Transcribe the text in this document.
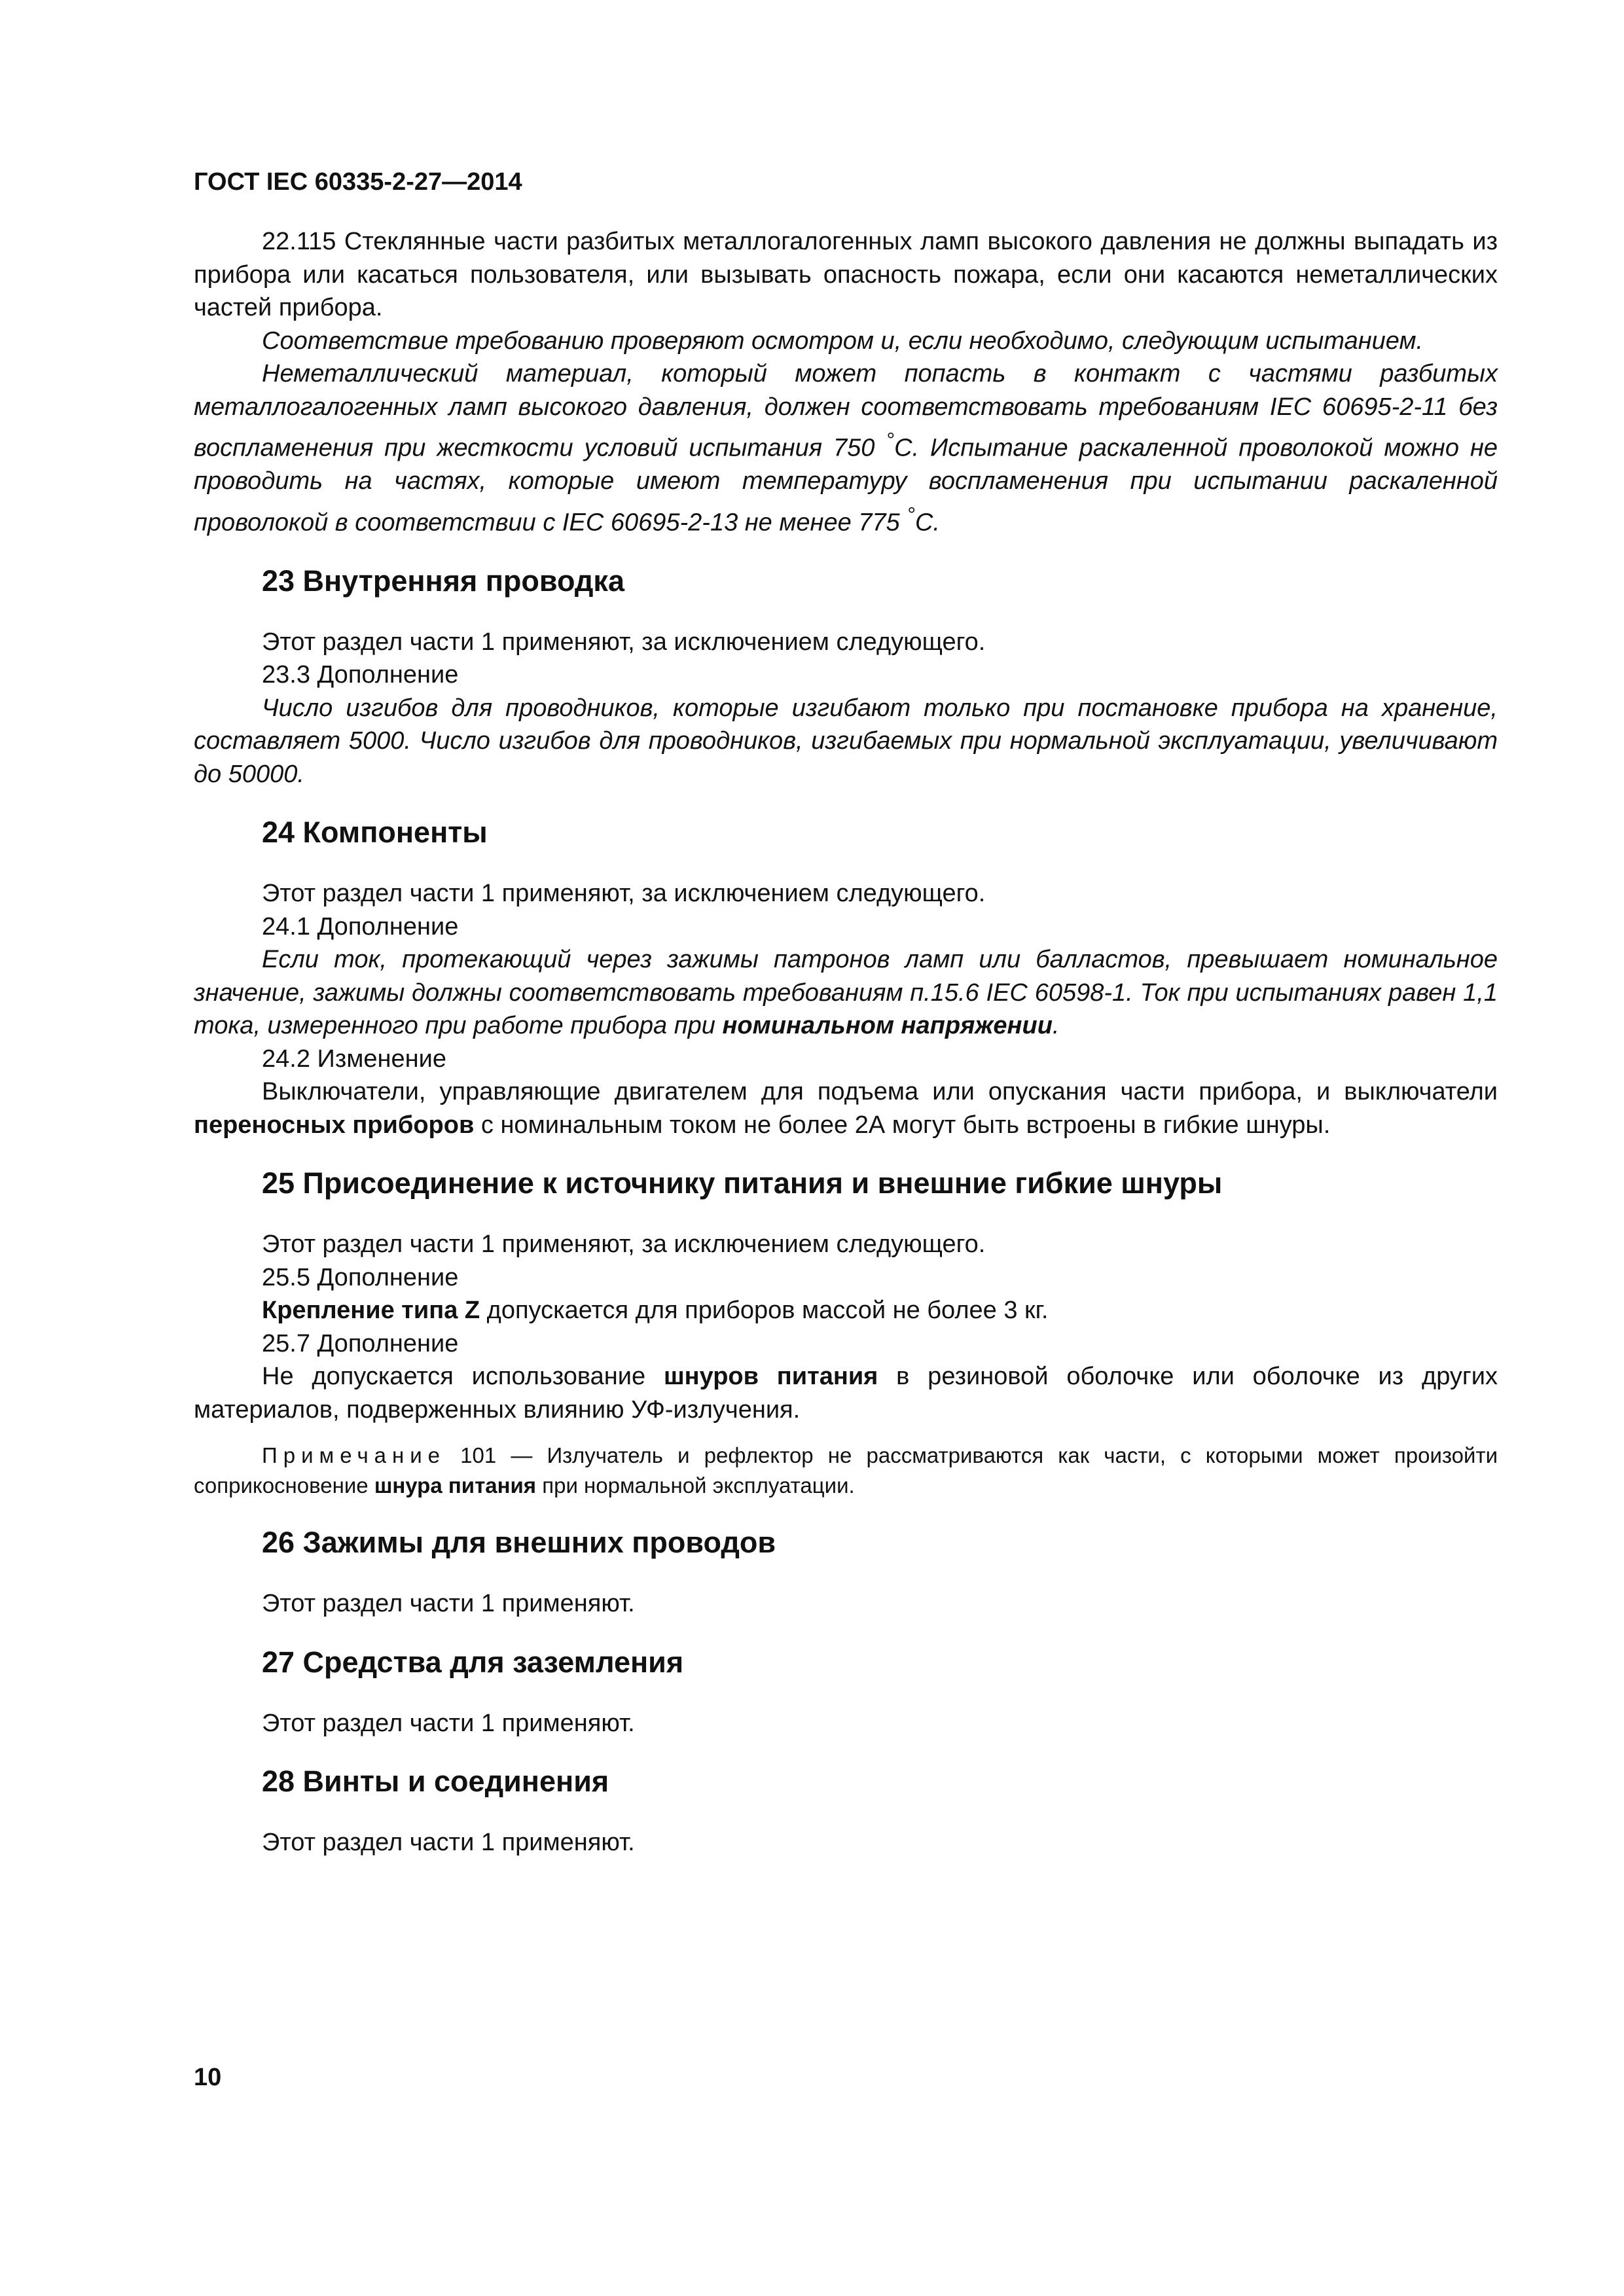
ГОСТ IEC 60335-2-27—2014

22.115 Стеклянные части разбитых металлогалогенных ламп высокого давления не должны выпадать из прибора или касаться пользователя, или вызывать опасность пожара, если они касаются неметаллических частей прибора.

Соответствие требованию проверяют осмотром и, если необходимо, следующим испытанием.

Неметаллический материал, который может попасть в контакт с частями разбитых металлогалогенных ламп высокого давления, должен соответствовать требованиям IEC 60695-2-11 без воспламенения при жесткости условий испытания 750 °С. Испытание раскаленной проволокой можно не проводить на частях, которые имеют температуру воспламенения при испытании раскаленной проволокой в соответствии с IEC 60695-2-13 не менее 775 °С.

23 Внутренняя проводка

Этот раздел части 1 применяют, за исключением следующего.

23.3 Дополнение

Число изгибов для проводников, которые изгибают только при постановке прибора на хранение, составляет 5000. Число изгибов для проводников, изгибаемых при нормальной эксплуатации, увеличивают до 50000.

24 Компоненты

Этот раздел части 1 применяют, за исключением следующего.

24.1 Дополнение

Если ток, протекающий через зажимы патронов ламп или балластов, превышает номинальное значение, зажимы должны соответствовать требованиям п.15.6 IEC 60598-1. Ток при испытаниях равен 1,1 тока, измеренного при работе прибора при номинальном напряжении.

24.2 Изменение

Выключатели, управляющие двигателем для подъема или опускания части прибора, и выключатели переносных приборов с номинальным током не более 2А могут быть встроены в гибкие шнуры.

25 Присоединение к источнику питания и внешние гибкие шнуры

Этот раздел части 1 применяют, за исключением следующего.

25.5 Дополнение

Крепление типа Z допускается для приборов массой не более 3 кг.

25.7 Дополнение

Не допускается использование шнуров питания в резиновой оболочке или оболочке из других материалов, подверженных влиянию УФ-излучения.

Примечание 101 — Излучатель и рефлектор не рассматриваются как части, с которыми может произойти соприкосновение шнура питания при нормальной эксплуатации.

26 Зажимы для внешних проводов

Этот раздел части 1 применяют.

27 Средства для заземления

Этот раздел части 1 применяют.

28 Винты и соединения

Этот раздел части 1 применяют.

10
